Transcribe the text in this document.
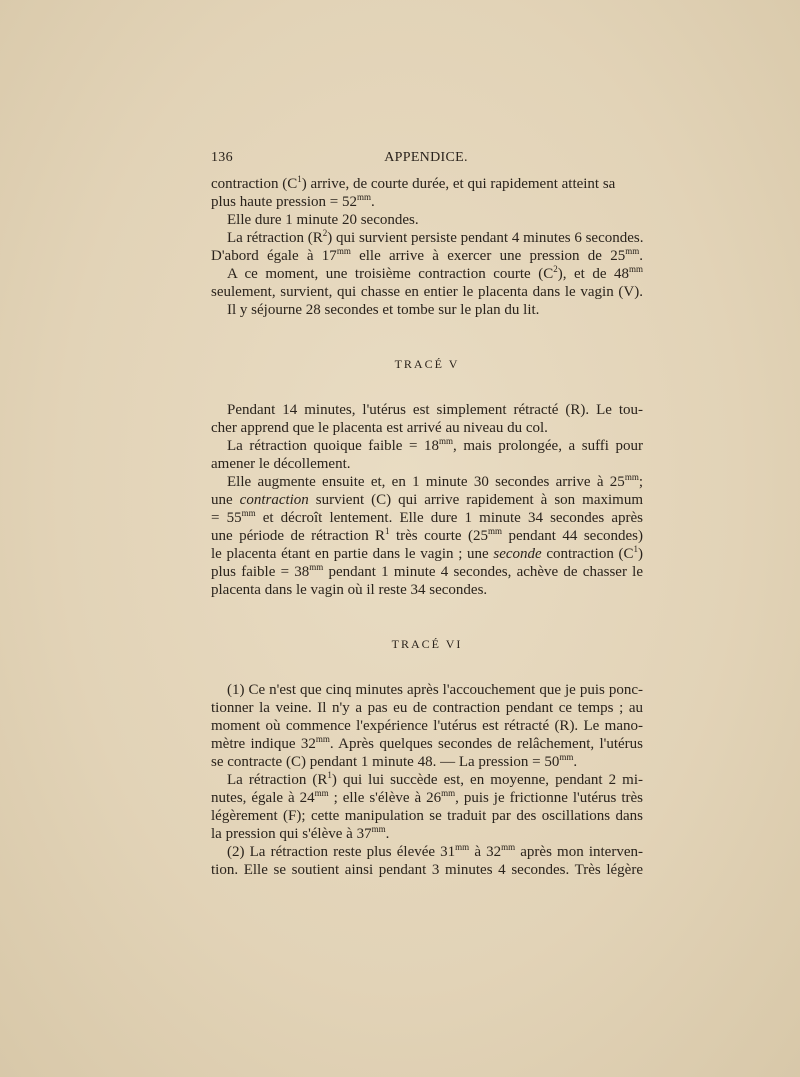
136	APPENDICE.
contraction $(C^1)$ arrive, de courte durée, et qui rapidement atteint sa
plus haute pression = $52^{mm}$.
Elle dure 1 minute 20 secondes.
La rétraction $(R^2)$ qui survient persiste pendant 4 minutes 6 secondes.
D'abord égale à $17^{mm}$ elle arrive à exercer une pression de $25^{mm}$.
A ce moment, une troisième contraction courte $(C^2)$, et de $48^{mm}$
seulement, survient, qui chasse en entier le placenta dans le vagin (V).
Il y séjourne 28 secondes et tombe sur le plan du lit.
TRACÉ V
Pendant 14 minutes, l'utérus est simplement rétracté (R). Le tou-
cher apprend que le placenta est arrivé au niveau du col.
La rétraction quoique faible = $18^{mm}$, mais prolongée, a suffi pour
amener le décollement.
Elle augmente ensuite et, en 1 minute 30 secondes arrive à $25^{mm}$;
une contraction survient (C) qui arrive rapidement à son maximum
= $55^{mm}$ et décroît lentement. Elle dure 1 minute 34 secondes après
une période de rétraction $R^1$ très courte ($25^{mm}$ pendant 44 secondes)
le placenta étant en partie dans le vagin ; une seconde contraction $(C^1)$
plus faible = $38^{mm}$ pendant 1 minute 4 secondes, achève de chasser le
placenta dans le vagin où il reste 34 secondes.
TRACÉ VI
(1) Ce n'est que cinq minutes après l'accouchement que je puis ponc-
tionner la veine. Il n'y a pas eu de contraction pendant ce temps ; au
moment où commence l'expérience l'utérus est rétracté (R). Le mano-
mètre indique $32^{mm}$. Après quelques secondes de relâchement, l'utérus
se contracte (C) pendant 1 minute 48. — La pression = $50^{mm}$.
La rétraction $(R^1)$ qui lui succède est, en moyenne, pendant 2 mi-
nutes, égale à $24^{mm}$ ; elle s'élève à $26^{mm}$, puis je frictionne l'utérus très
légèrement (F); cette manipulation se traduit par des oscillations dans
la pression qui s'élève à $37^{mm}$.
(2) La rétraction reste plus élevée $31^{mm}$ à $32^{mm}$ après mon interven-
tion. Elle se soutient ainsi pendant 3 minutes 4 secondes. Très légère
